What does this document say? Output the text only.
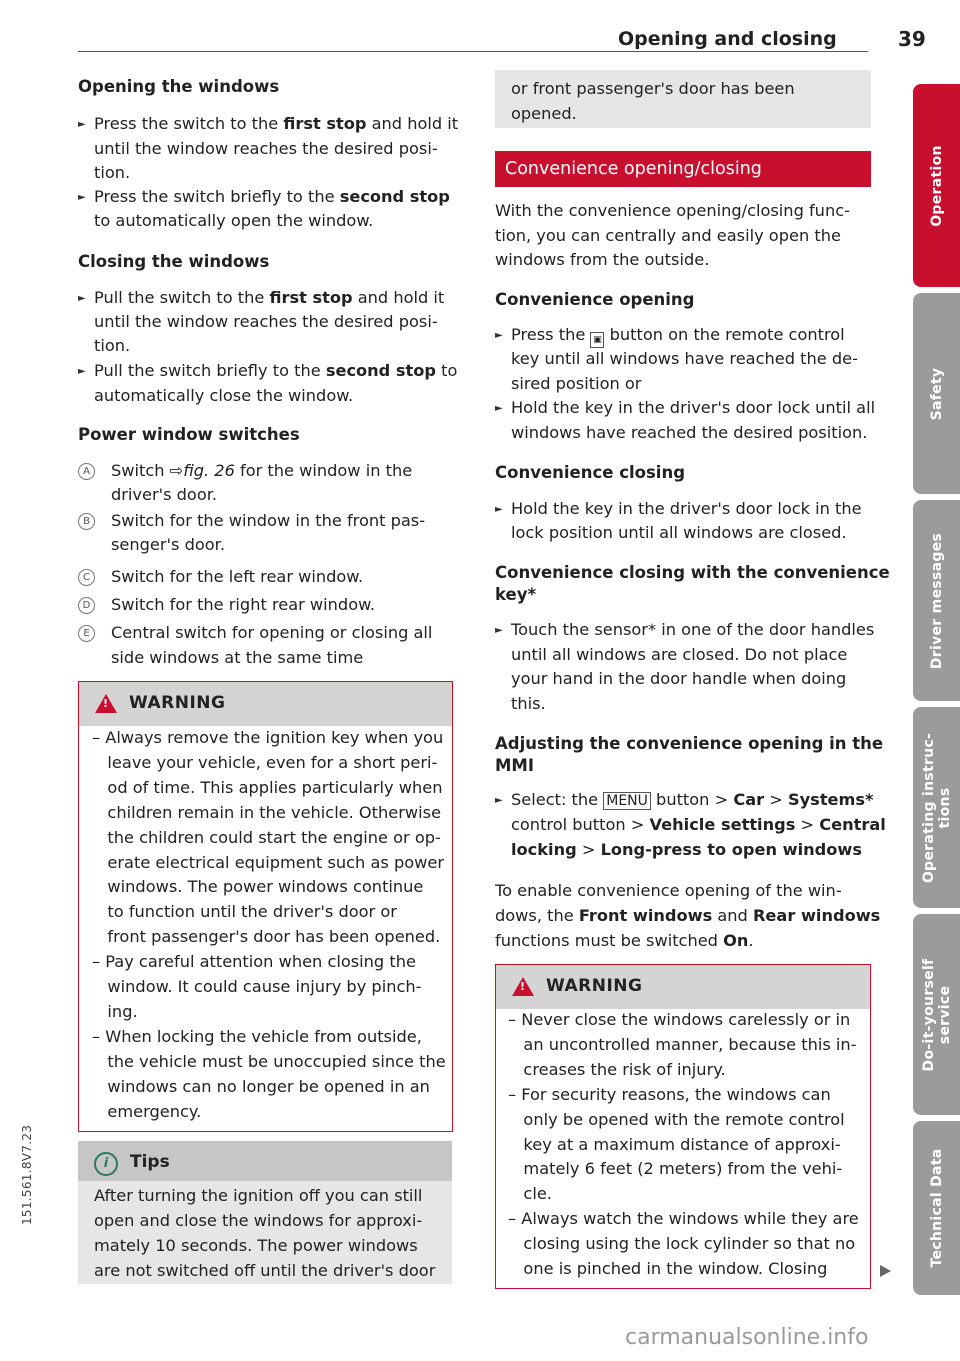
Opening and closing	39
Opening the windows
► Press the switch to the first stop and hold it
until the window reaches the desired posi-
tion.
► Press the switch briefly to the second stop
to automatically open the window.
Closing the windows
► Pull the switch to the first stop and hold it
until the window reaches the desired posi-
tion.
► Pull the switch briefly to the second stop to
automatically close the window.
Power window switches
A	Switch ⇨fig. 26 for the window in the
driver's door.
B	Switch for the window in the front pas-
senger's door.
C	Switch for the left rear window.
D Switch for the right rear window.
E	Central switch for opening or closing all
side windows at the same time
!
WARNING
– Always remove the ignition key when you
leave your vehicle, even for a short peri-
od of time. This applies particularly when
children remain in the vehicle. Otherwise
the children could start the engine or op-
erate electrical equipment such as power
windows. The power windows continue
to function until the driver's door or
front passenger's door has been opened.
– Pay careful attention when closing the
window. It could cause injury by pinch-
ing.
– When locking the vehicle from outside,
the vehicle must be unoccupied since the
windows can no longer be opened in an
emergency.
i	Tips
After turning the ignition off you can still
open and close the windows for approxi-
mately 10 seconds. The power windows
are not switched off until the driver's door
or front passenger's door has been
opened.
Convenience opening/closing
With the convenience opening/closing func-
tion, you can centrally and easily open the
windows from the outside.
Convenience opening
► Press the ▣ button on the remote control
key until all windows have reached the de-
sired position or
► Hold the key in the driver's door lock until all
windows have reached the desired position.
Convenience closing
► Hold the key in the driver's door lock in the
lock position until all windows are closed.
Convenience closing with the convenience
key*
► Touch the sensor* in one of the door handles
until all windows are closed. Do not place
your hand in the door handle when doing
this.
Adjusting the convenience opening in the
MMI
► Select: the MENU button > Car > Systems*
control button > Vehicle settings > Central
locking > Long-press to open windows
To enable convenience opening of the win-
dows, the Front windows and Rear windows
functions must be switched On.
!
WARNING
– Never close the windows carelessly or in
an uncontrolled manner, because this in-
creases the risk of injury.
– For security reasons, the windows can
only be opened with the remote control
key at a maximum distance of approxi-
mately 6 feet (2 meters) from the vehi-
cle.
– Always watch the windows while they are
closing using the lock cylinder so that no
one is pinched in the window. Closing
Operation
Safety
Driver messages
Operating instruc-
tions
Do-it-yourself
service
Technical Data
151.561.8V7.23
carmanualsonline.info
